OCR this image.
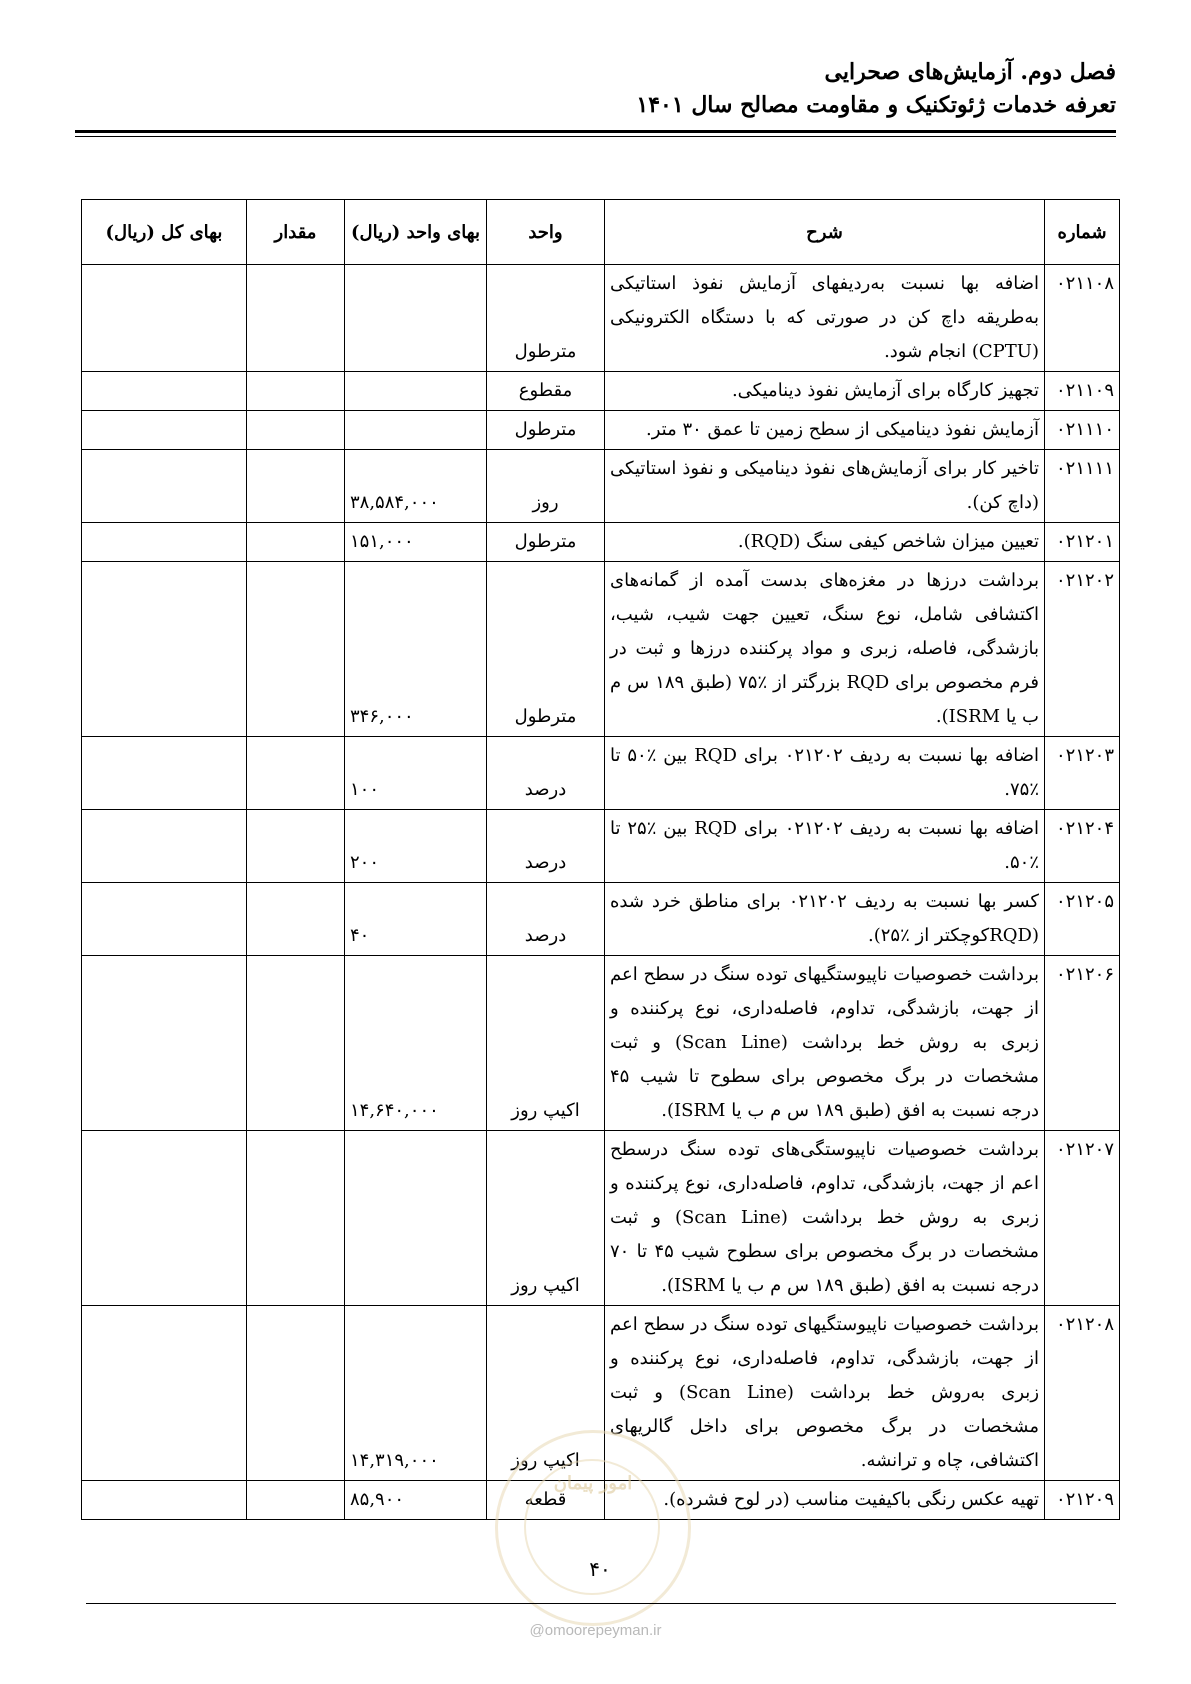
فصل دوم. آزمایش‌های صحرایی
تعرفه خدمات ژئوتکنیک و مقاومت مصالح سال ۱۴۰۱
شماره	شرح	واحد	بهای واحد (ریال)	مقدار	بهای کل (ریال)
۰۲۱۱۰۸	اضافه بها نسبت به‌ردیفهای آزمایش نفوذ استاتیکی به‌طریقه داچ کن در صورتی که با دستگاه الکترونیکی (CPTU) انجام شود.	مترطول			
۰۲۱۱۰۹	تجهیز کارگاه برای آزمایش نفوذ دینامیکی.	مقطوع			
۰۲۱۱۱۰	آزمایش نفوذ دینامیکی از سطح زمین تا عمق ۳۰ متر.	مترطول			
۰۲۱۱۱۱	تاخیر کار برای آزمایش‌های نفوذ دینامیکی و نفوذ استاتیکی (داچ کن).	روز	۳۸,۵۸۴,۰۰۰		
۰۲۱۲۰۱	تعیین میزان شاخص کیفی سنگ (RQD).	مترطول	۱۵۱,۰۰۰		
۰۲۱۲۰۲	برداشت درزها در مغزه‌های بدست آمده از گمانه‌های اکتشافی شامل، نوع سنگ، تعیین جهت شیب، شیب، بازشدگی، فاصله، زبری و مواد پرکننده درزها و ثبت در فرم مخصوص برای RQD بزرگتر از ٪۷۵ (طبق ۱۸۹ س م ب یا ISRM).	مترطول	۳۴۶,۰۰۰		
۰۲۱۲۰۳	اضافه بها نسبت به ردیف ۰۲۱۲۰۲ برای RQD بین ٪۵۰ تا ٪۷۵.	درصد	۱۰۰		
۰۲۱۲۰۴	اضافه بها نسبت به ردیف ۰۲۱۲۰۲ برای RQD بین ٪۲۵ تا ٪۵۰.	درصد	۲۰۰		
۰۲۱۲۰۵	کسر بها نسبت به ردیف ۰۲۱۲۰۲ برای مناطق خرد شده (RQDکوچکتر از ٪۲۵).	درصد	۴۰		
۰۲۱۲۰۶	برداشت خصوصیات ناپیوستگیهای توده سنگ در سطح اعم از جهت، بازشدگی، تداوم، فاصله‌داری، نوع پرکننده و زبری به روش خط برداشت (Scan Line) و ثبت مشخصات در برگ مخصوص برای سطوح تا شیب ۴۵ درجه نسبت به افق (طبق ۱۸۹ س م ب یا ISRM).	اکیپ روز	۱۴,۶۴۰,۰۰۰		
۰۲۱۲۰۷	برداشت خصوصیات ناپیوستگی‌های توده سنگ درسطح اعم از جهت، بازشدگی، تداوم، فاصله‌داری، نوع پرکننده و زبری به روش خط برداشت (Scan Line) و ثبت مشخصات در برگ مخصوص برای سطوح شیب ۴۵ تا ۷۰ درجه نسبت به افق (طبق ۱۸۹ س م ب یا ISRM).	اکیپ روز			
۰۲۱۲۰۸	برداشت خصوصیات ناپیوستگیهای توده سنگ در سطح اعم از جهت، بازشدگی، تداوم، فاصله‌داری، نوع پرکننده و زبری به‌روش خط برداشت (Scan Line) و ثبت مشخصات در برگ مخصوص برای داخل گالریهای اکتشافی، چاه و ترانشه.	اکیپ روز	۱۴,۳۱۹,۰۰۰		
۰۲۱۲۰۹	تهیه عکس رنگی باکیفیت مناسب (در لوح فشرده).	قطعه	۸۵,۹۰۰		
امور پیمان
۴۰
@omoorepeyman.ir
